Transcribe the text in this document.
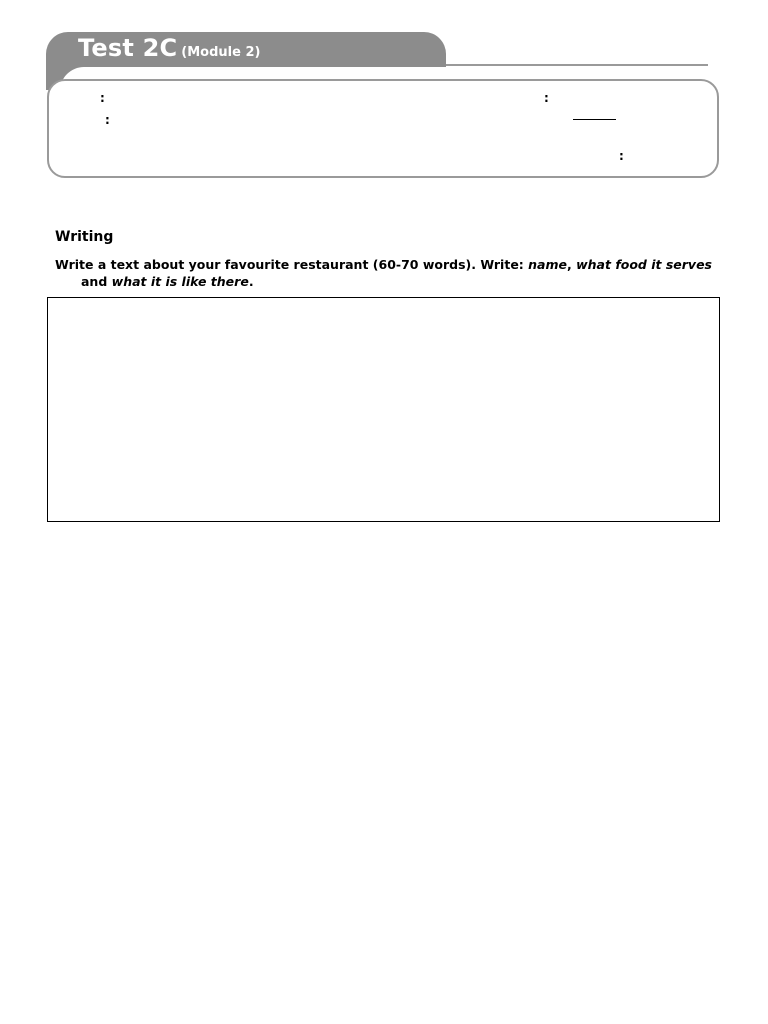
Test 2C (Module 2)
:
:
:
:
Writing
Write a text about your favourite restaurant (60-70 words). Write: name, what food it serves
and what it is like there.
